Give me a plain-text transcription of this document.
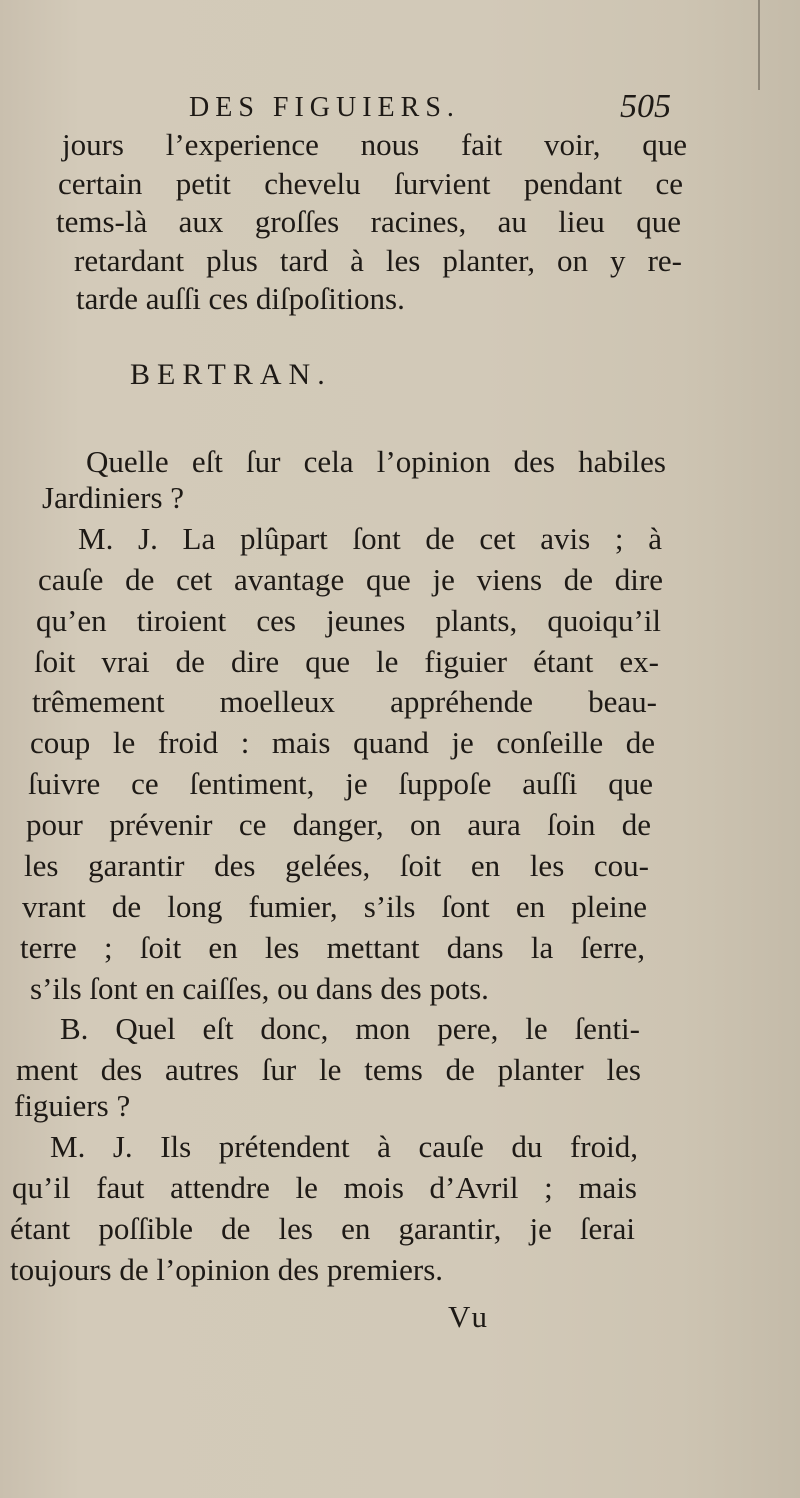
DES FIGUIERS.	505
jours l’experience nous fait voir, que
certain petit chevelu ſurvient pendant ce
tems-là aux groſſes racines, au lieu que
retardant plus tard à les planter, on y re-
tarde auſſi ces diſpoſitions.
BERTRAN.
Quelle eſt ſur cela l’opinion des habiles
Jardiniers ?
M. J. La plûpart ſont de cet avis ; à
cauſe de cet avantage que je viens de dire
qu’en tiroient ces jeunes plants, quoiqu’il
ſoit vrai de dire que le figuier étant ex-
trêmement moelleux appréhende beau-
coup le froid : mais quand je conſeille de
ſuivre ce ſentiment, je ſuppoſe auſſi que
pour prévenir ce danger, on aura ſoin de
les garantir des gelées, ſoit en les cou-
vrant de long fumier, s’ils ſont en pleine
terre ; ſoit en les mettant dans la ſerre,
s’ils ſont en caiſſes, ou dans des pots.
B. Quel eſt donc, mon pere, le ſenti-
ment des autres ſur le tems de planter les
figuiers ?
M. J. Ils prétendent à cauſe du froid,
qu’il faut attendre le mois d’Avril ; mais
étant poſſible de les en garantir, je ſerai
toujours de l’opinion des premiers.
Vu
